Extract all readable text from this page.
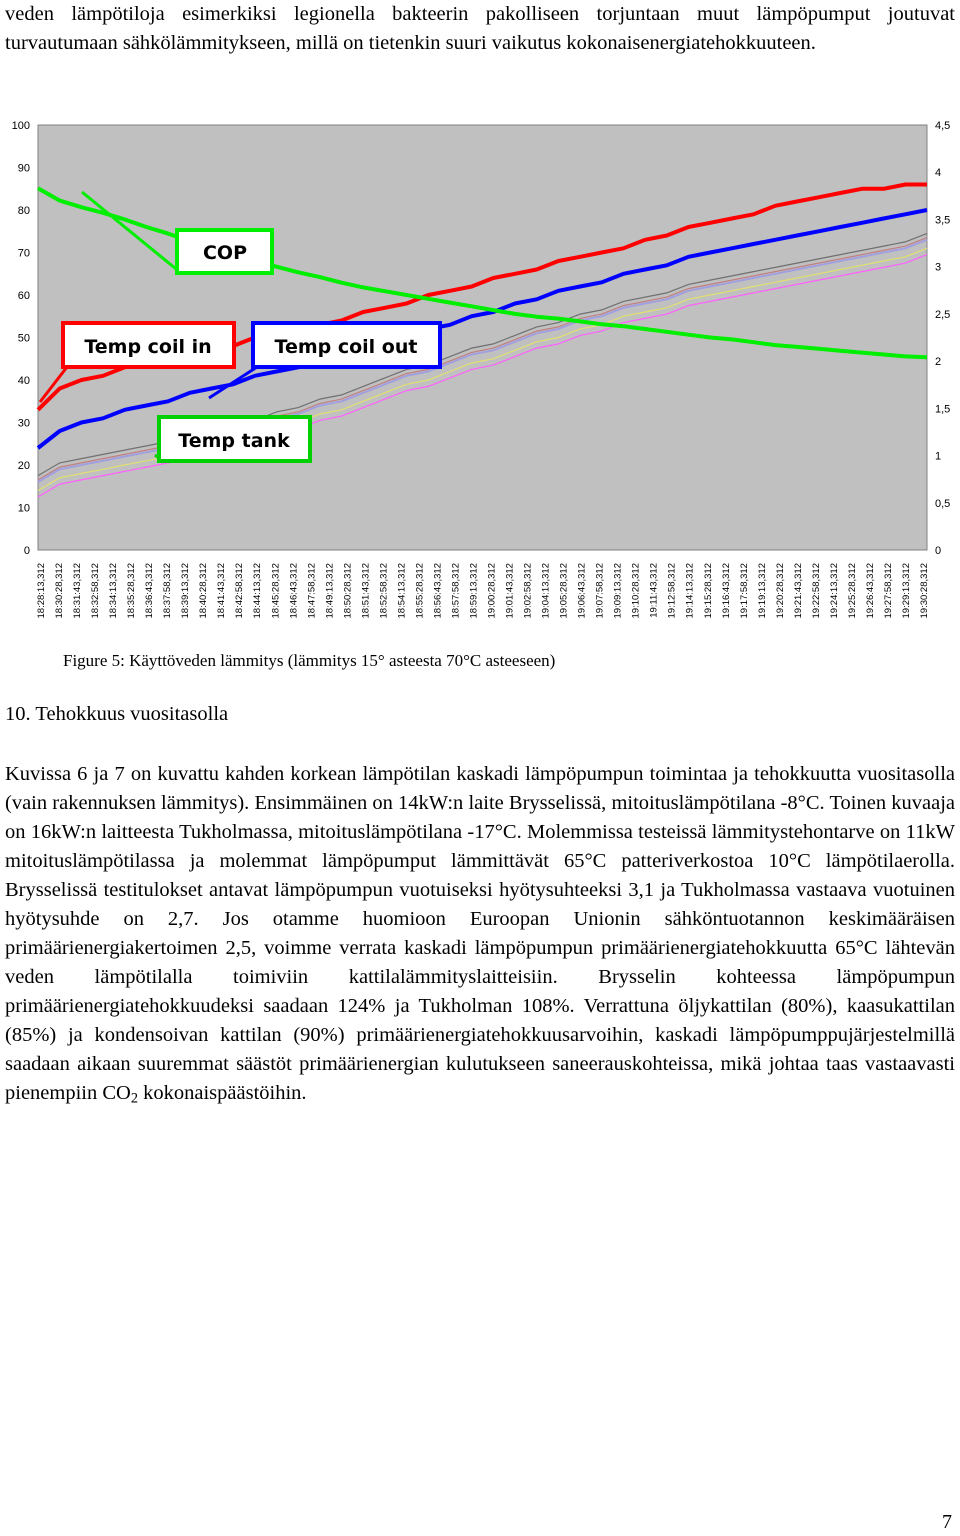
veden lämpötiloja esimerkiksi legionella bakteerin pakolliseen torjuntaan muut lämpöpumput joutuvat turvautumaan sähkölämmitykseen, millä on tietenkin suuri vaikutus kokonaisenergiatehokkuuteen.

0
10
20
30
40
50
60
70
80
90
100
0
0,5
1
1,5
2
2,5
3
3,5
4
4,5
18:28:13,312 18:30:28,312 18:31:43,312 18:32:58,312 18:34:13,312 18:35:28,312 18:36:43,312 18:37:58,312 18:39:13,312 18:40:28,312 18:41:43,312 18:42:58,312 18:44:13,312 18:45:28,312 18:46:43,312 18:47:58,312 18:49:13,312 18:50:28,312 18:51:43,312 18:52:58,312 18:54:13,312 18:55:28,312 18:56:43,312 18:57:58,312 18:59:13,312 19:00:28,312 19:01:43,312 19:02:58,312 19:04:13,312 19:05:28,312 19:06:43,312 19:07:58,312 19:09:13,312 19:10:28,312 19:11:43,312 19:12:58,312 19:14:13,312 19:15:28,312 19:16:43,312 19:17:58,312 19:19:13,312 19:20:28,312 19:21:43,312 19:22:58,312 19:24:13,312 19:25:28,312 19:26:43,312 19:27:58,312 19:29:13,312 19:30:28,312
COP
Temp coil in	Temp coil out
Temp tank

Figure 5: Käyttöveden lämmitys (lämmitys 15° asteesta 70°C asteeseen)

10. Tehokkuus vuositasolla

Kuvissa 6 ja 7 on kuvattu kahden korkean lämpötilan kaskadi lämpöpumpun toimintaa ja tehokkuutta vuositasolla (vain rakennuksen lämmitys). Ensimmäinen on 14kW:n laite Brysselissä, mitoituslämpötilana -8°C. Toinen kuvaaja on 16kW:n laitteesta Tukholmassa, mitoituslämpötilana -17°C. Molemmissa testeissä lämmitystehontarve on 11kW mitoituslämpötilassa ja molemmat lämpöpumput lämmittävät 65°C patteriverkostoa 10°C lämpötilaerolla. Brysselissä testitulokset antavat lämpöpumpun vuotuiseksi hyötysuhteeksi 3,1 ja Tukholmassa vastaava vuotuinen hyötysuhde on 2,7. Jos otamme huomioon Euroopan Unionin sähköntuotannon keskimääräisen primäärienergiakertoimen 2,5, voimme verrata kaskadi lämpöpumpun primäärienergiatehokkuutta 65°C lähtevän veden lämpötilalla toimiviin kattilalämmityslaitteisiin. Brysselin kohteessa lämpöpumpun primäärienergiatehokkuudeksi saadaan 124% ja Tukholman 108%. Verrattuna öljykattilan (80%), kaasukattilan (85%) ja kondensoivan kattilan (90%) primäärienergiatehokkuusarvoihin, kaskadi lämpöpumppujärjestelmillä saadaan aikaan suuremmat säästöt primäärienergian kulutukseen saneerauskohteissa, mikä johtaa taas vastaavasti pienempiin $CO_2$ kokonaispäästöihin.

7
